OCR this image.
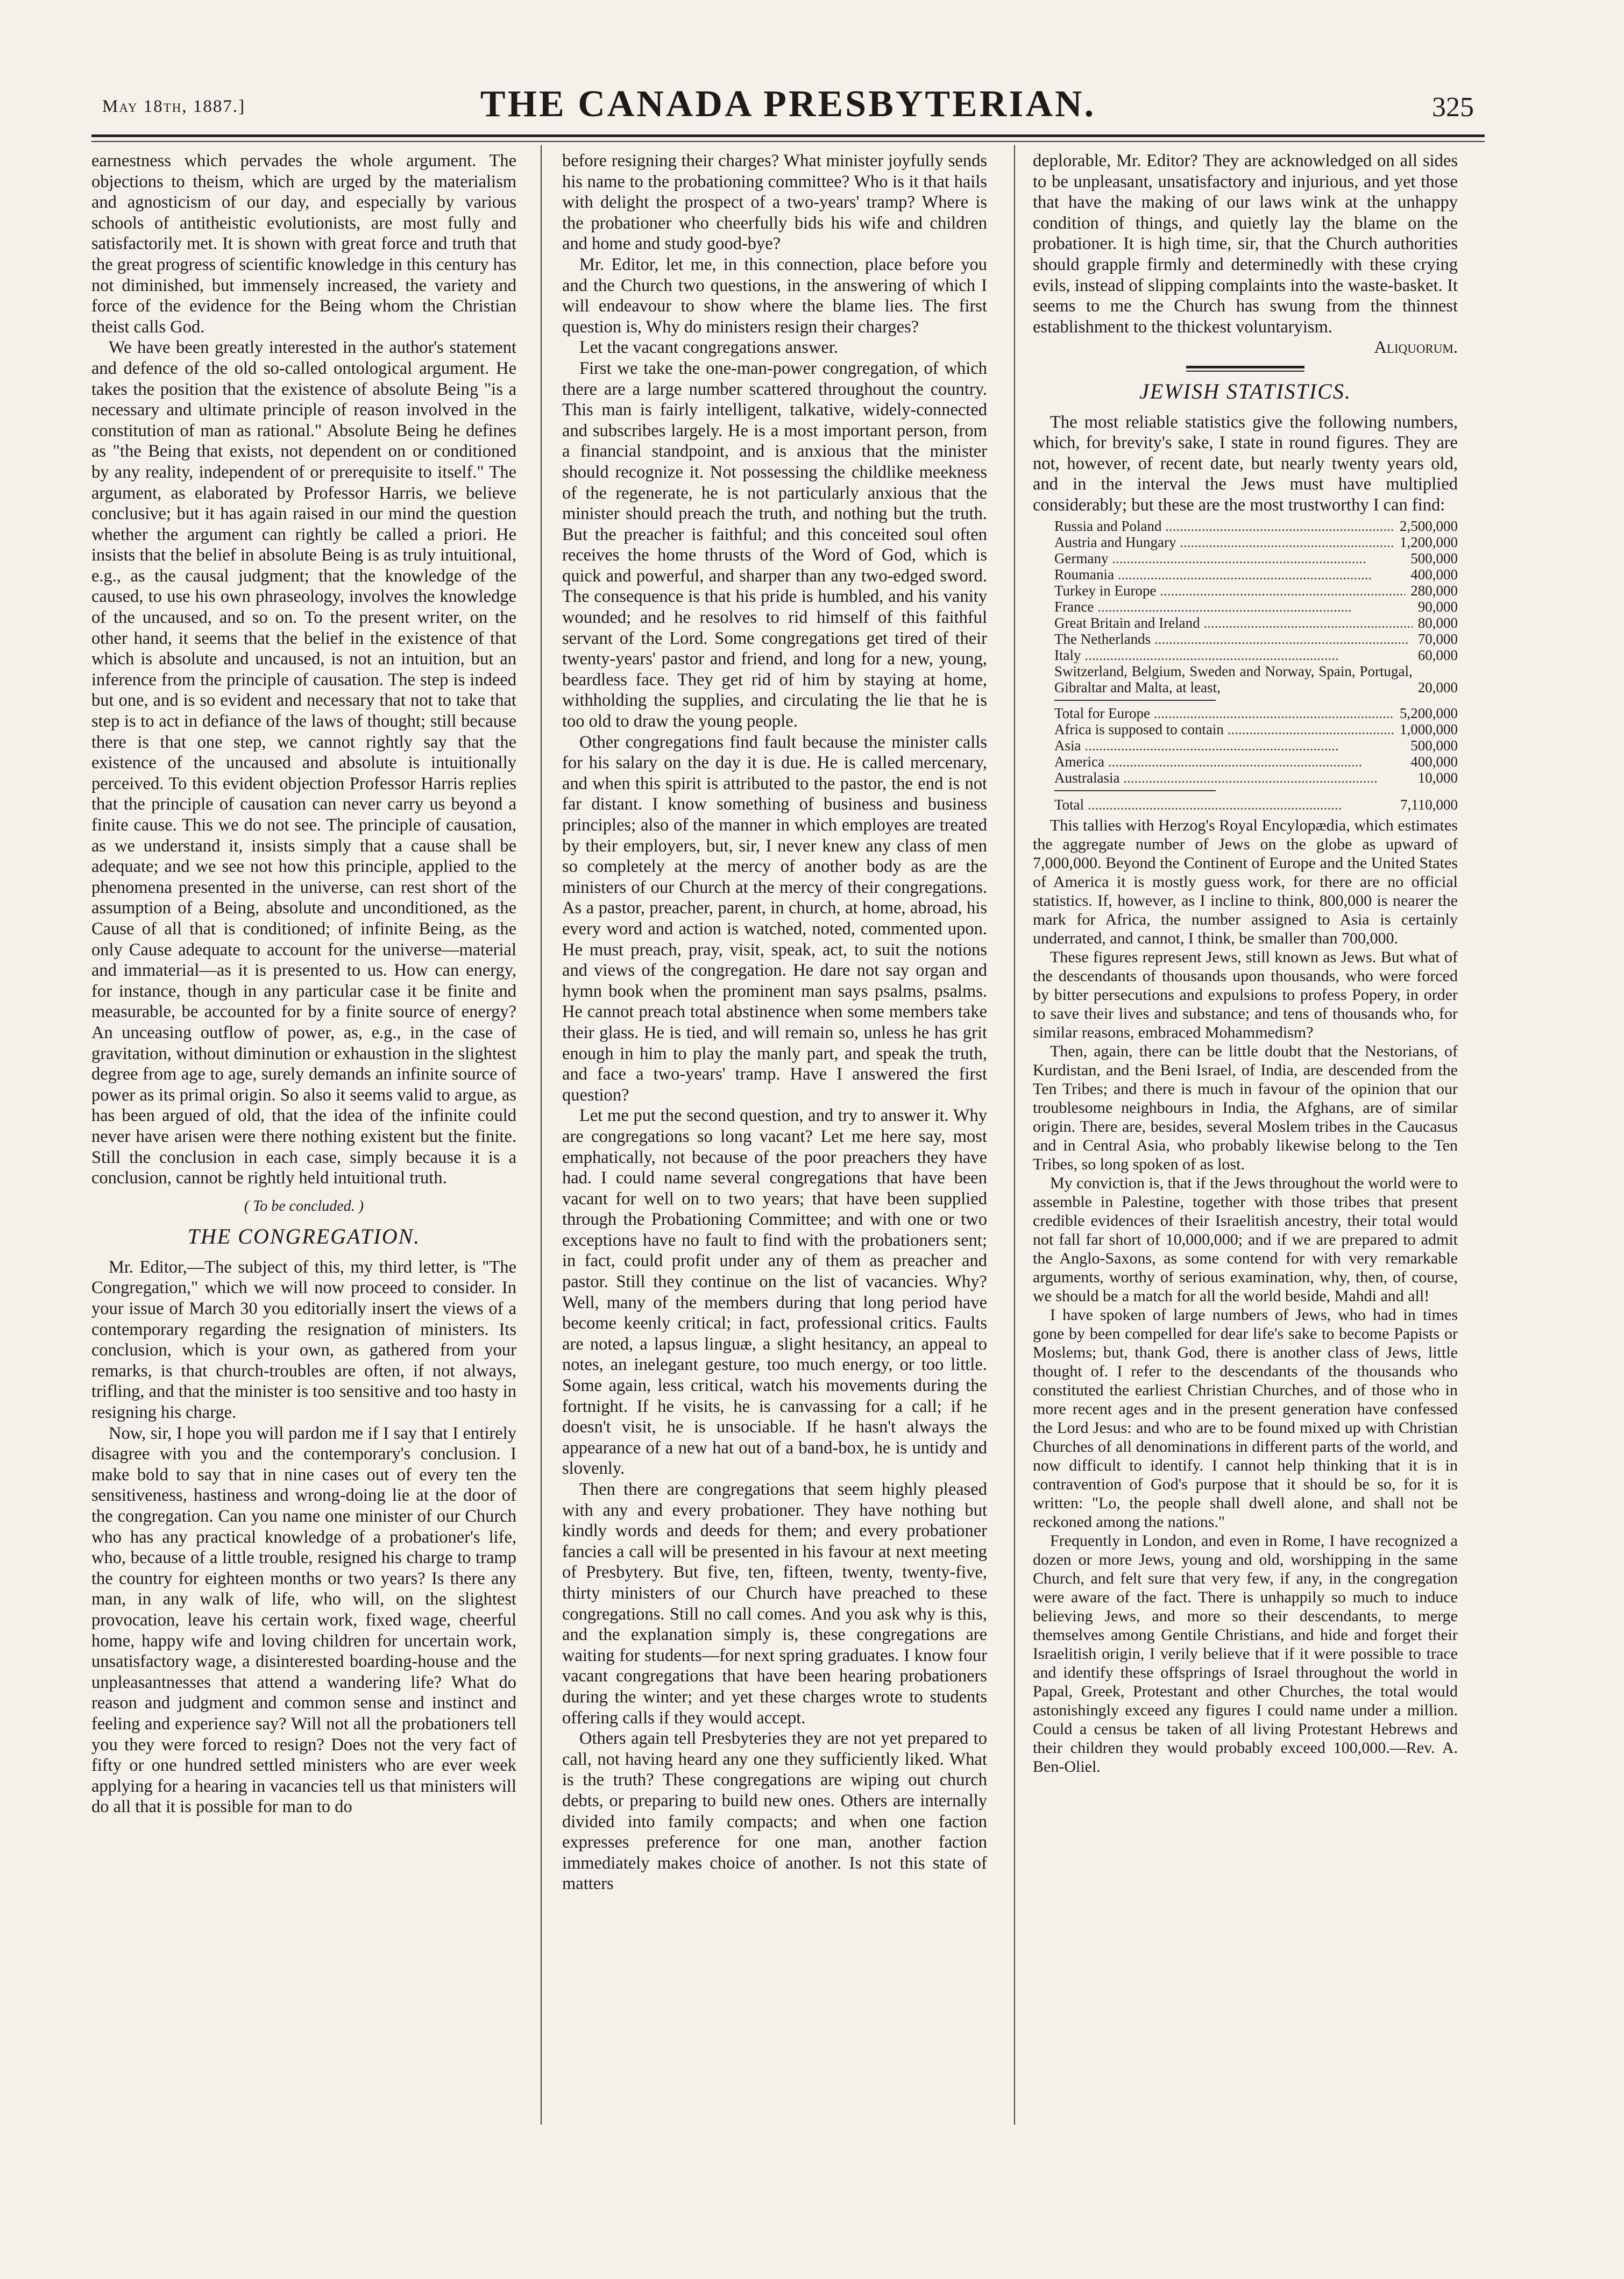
May 18th, 1887.]	THE CANADA PRESBYTERIAN.	325

earnestness which pervades the whole argument. The objections to theism, which are urged by the materialism and agnosticism of our day, and especially by various schools of antitheistic evolutionists, are most fully and satisfactorily met. It is shown with great force and truth that the great progress of scientific knowledge in this century has not diminished, but immensely increased, the variety and force of the evidence for the Being whom the Christian theist calls God.

We have been greatly interested in the author's statement and defence of the old so-called ontological argument. He takes the position that the existence of absolute Being "is a necessary and ultimate principle of reason involved in the constitution of man as rational." Absolute Being he defines as "the Being that exists, not dependent on or conditioned by any reality, independent of or prerequisite to itself." The argument, as elaborated by Professor Harris, we believe conclusive; but it has again raised in our mind the question whether the argument can rightly be called a priori. He insists that the belief in absolute Being is as truly intuitional, e.g., as the causal judgment; that the knowledge of the caused, to use his own phraseology, involves the knowledge of the uncaused, and so on. To the present writer, on the other hand, it seems that the belief in the existence of that which is absolute and uncaused, is not an intuition, but an inference from the principle of causation. The step is indeed but one, and is so evident and necessary that not to take that step is to act in defiance of the laws of thought; still because there is that one step, we cannot rightly say that the existence of the uncaused and absolute is intuitionally perceived. To this evident objection Professor Harris replies that the principle of causation can never carry us beyond a finite cause. This we do not see. The principle of causation, as we understand it, insists simply that a cause shall be adequate; and we see not how this principle, applied to the phenomena presented in the universe, can rest short of the assumption of a Being, absolute and unconditioned, as the Cause of all that is conditioned; of infinite Being, as the only Cause adequate to account for the universe—material and immaterial—as it is presented to us. How can energy, for instance, though in any particular case it be finite and measurable, be accounted for by a finite source of energy? An unceasing outflow of power, as, e.g., in the case of gravitation, without diminution or exhaustion in the slightest degree from age to age, surely demands an infinite source of power as its primal origin. So also it seems valid to argue, as has been argued of old, that the idea of the infinite could never have arisen were there nothing existent but the finite. Still the conclusion in each case, simply because it is a conclusion, cannot be rightly held intuitional truth.

( To be concluded. )
THE CONGREGATION.

Mr. Editor,—The subject of this, my third letter, is "The Congregation," which we will now proceed to consider. In your issue of March 30 you editorially insert the views of a contemporary regarding the resignation of ministers. Its conclusion, which is your own, as gathered from your remarks, is that church-troubles are often, if not always, trifling, and that the minister is too sensitive and too hasty in resigning his charge.

Now, sir, I hope you will pardon me if I say that I entirely disagree with you and the contemporary's conclusion. I make bold to say that in nine cases out of every ten the sensitiveness, hastiness and wrong-doing lie at the door of the congregation. Can you name one minister of our Church who has any practical knowledge of a probationer's life, who, because of a little trouble, resigned his charge to tramp the country for eighteen months or two years? Is there any man, in any walk of life, who will, on the slightest provocation, leave his certain work, fixed wage, cheerful home, happy wife and loving children for uncertain work, unsatisfactory wage, a disinterested boarding-house and the unpleasantnesses that attend a wandering life? What do reason and judgment and common sense and instinct and feeling and experience say? Will not all the probationers tell you they were forced to resign? Does not the very fact of fifty or one hundred settled ministers who are ever week applying for a hearing in vacancies tell us that ministers will do all that it is possible for man to do

before resigning their charges? What minister joyfully sends his name to the probationing committee? Who is it that hails with delight the prospect of a two-years' tramp? Where is the probationer who cheerfully bids his wife and children and home and study good-bye?

Mr. Editor, let me, in this connection, place before you and the Church two questions, in the answering of which I will endeavour to show where the blame lies. The first question is, Why do ministers resign their charges?

Let the vacant congregations answer.

First we take the one-man-power congregation, of which there are a large number scattered throughout the country. This man is fairly intelligent, talkative, widely-connected and subscribes largely. He is a most important person, from a financial standpoint, and is anxious that the minister should recognize it. Not possessing the childlike meekness of the regenerate, he is not particularly anxious that the minister should preach the truth, and nothing but the truth. But the preacher is faithful; and this conceited soul often receives the home thrusts of the Word of God, which is quick and powerful, and sharper than any two-edged sword. The consequence is that his pride is humbled, and his vanity wounded; and he resolves to rid himself of this faithful servant of the Lord. Some congregations get tired of their twenty-years' pastor and friend, and long for a new, young, beardless face. They get rid of him by staying at home, withholding the supplies, and circulating the lie that he is too old to draw the young people.

Other congregations find fault because the minister calls for his salary on the day it is due. He is called mercenary, and when this spirit is attributed to the pastor, the end is not far distant. I know something of business and business principles; also of the manner in which employes are treated by their employers, but, sir, I never knew any class of men so completely at the mercy of another body as are the ministers of our Church at the mercy of their congregations. As a pastor, preacher, parent, in church, at home, abroad, his every word and action is watched, noted, commented upon. He must preach, pray, visit, speak, act, to suit the notions and views of the congregation. He dare not say organ and hymn book when the prominent man says psalms, psalms. He cannot preach total abstinence when some members take their glass. He is tied, and will remain so, unless he has grit enough in him to play the manly part, and speak the truth, and face a two-years' tramp. Have I answered the first question?

Let me put the second question, and try to answer it. Why are congregations so long vacant? Let me here say, most emphatically, not because of the poor preachers they have had. I could name several congregations that have been vacant for well on to two years; that have been supplied through the Probationing Committee; and with one or two exceptions have no fault to find with the probationers sent; in fact, could profit under any of them as preacher and pastor. Still they continue on the list of vacancies. Why? Well, many of the members during that long period have become keenly critical; in fact, professional critics. Faults are noted, a lapsus linguæ, a slight hesitancy, an appeal to notes, an inelegant gesture, too much energy, or too little. Some again, less critical, watch his movements during the fortnight. If he visits, he is canvassing for a call; if he doesn't visit, he is unsociable. If he hasn't always the appearance of a new hat out of a band-box, he is untidy and slovenly.

Then there are congregations that seem highly pleased with any and every probationer. They have nothing but kindly words and deeds for them; and every probationer fancies a call will be presented in his favour at next meeting of Presbytery. But five, ten, fifteen, twenty, twenty-five, thirty ministers of our Church have preached to these congregations. Still no call comes. And you ask why is this, and the explanation simply is, these congregations are waiting for students—for next spring graduates. I know four vacant congregations that have been hearing probationers during the winter; and yet these charges wrote to students offering calls if they would accept.

Others again tell Presbyteries they are not yet prepared to call, not having heard any one they sufficiently liked. What is the truth? These congregations are wiping out church debts, or preparing to build new ones. Others are internally divided into family compacts; and when one faction expresses preference for one man, another faction immediately makes choice of another. Is not this state of matters

deplorable, Mr. Editor? They are acknowledged on all sides to be unpleasant, unsatisfactory and injurious, and yet those that have the making of our laws wink at the unhappy condition of things, and quietly lay the blame on the probationer. It is high time, sir, that the Church authorities should grapple firmly and determinedly with these crying evils, instead of slipping complaints into the waste-basket. It seems to me the Church has swung from the thinnest establishment to the thickest voluntaryism.

Aliquorum.

JEWISH STATISTICS.

The most reliable statistics give the following numbers, which, for brevity's sake, I state in round figures. They are not, however, of recent date, but nearly twenty years old, and in the interval the Jews must have multiplied considerably; but these are the most trustworthy I can find:

Russia and Poland .....	2,500,000
Austria and Hungary .....	1,200,000
Germany .....	500,000
Roumania .....	400,000
Turkey in Europe .....	280,000
France .....	90,000
Great Britain and Ireland .....	80,000
The Netherlands .....	70,000
Italy .....	60,000
Switzerland, Belgium, Sweden and Norway, Spain, Portugal, Gibraltar and Malta, at least,	20,000
Total for Europe .....	5,200,000
Africa is supposed to contain .....	1,000,000
Asia .....	500,000
America .....	400,000
Australasia .....	10,000
Total .....	7,110,000

This tallies with Herzog's Royal Encylopædia, which estimates the aggregate number of Jews on the globe as upward of 7,000,000. Beyond the Continent of Europe and the United States of America it is mostly guess work, for there are no official statistics. If, however, as I incline to think, 800,000 is nearer the mark for Africa, the number assigned to Asia is certainly underrated, and cannot, I think, be smaller than 700,000.

These figures represent Jews, still known as Jews. But what of the descendants of thousands upon thousands, who were forced by bitter persecutions and expulsions to profess Popery, in order to save their lives and substance; and tens of thousands who, for similar reasons, embraced Mohammedism?

Then, again, there can be little doubt that the Nestorians, of Kurdistan, and the Beni Israel, of India, are descended from the Ten Tribes; and there is much in favour of the opinion that our troublesome neighbours in India, the Afghans, are of similar origin. There are, besides, several Moslem tribes in the Caucasus and in Central Asia, who probably likewise belong to the Ten Tribes, so long spoken of as lost.

My conviction is, that if the Jews throughout the world were to assemble in Palestine, together with those tribes that present credible evidences of their Israelitish ancestry, their total would not fall far short of 10,000,000; and if we are prepared to admit the Anglo-Saxons, as some contend for with very remarkable arguments, worthy of serious examination, why, then, of course, we should be a match for all the world beside, Mahdi and all!

I have spoken of large numbers of Jews, who had in times gone by been compelled for dear life's sake to become Papists or Moslems; but, thank God, there is another class of Jews, little thought of. I refer to the descendants of the thousands who constituted the earliest Christian Churches, and of those who in more recent ages and in the present generation have confessed the Lord Jesus: and who are to be found mixed up with Christian Churches of all denominations in different parts of the world, and now difficult to identify. I cannot help thinking that it is in contravention of God's purpose that it should be so, for it is written: "Lo, the people shall dwell alone, and shall not be reckoned among the nations."

Frequently in London, and even in Rome, I have recognized a dozen or more Jews, young and old, worshipping in the same Church, and felt sure that very few, if any, in the congregation were aware of the fact. There is unhappily so much to induce believing Jews, and more so their descendants, to merge themselves among Gentile Christians, and hide and forget their Israelitish origin, I verily believe that if it were possible to trace and identify these offsprings of Israel throughout the world in Papal, Greek, Protestant and other Churches, the total would astonishingly exceed any figures I could name under a million. Could a census be taken of all living Protestant Hebrews and their children they would probably exceed 100,000.—Rev. A. Ben-Oliel.
